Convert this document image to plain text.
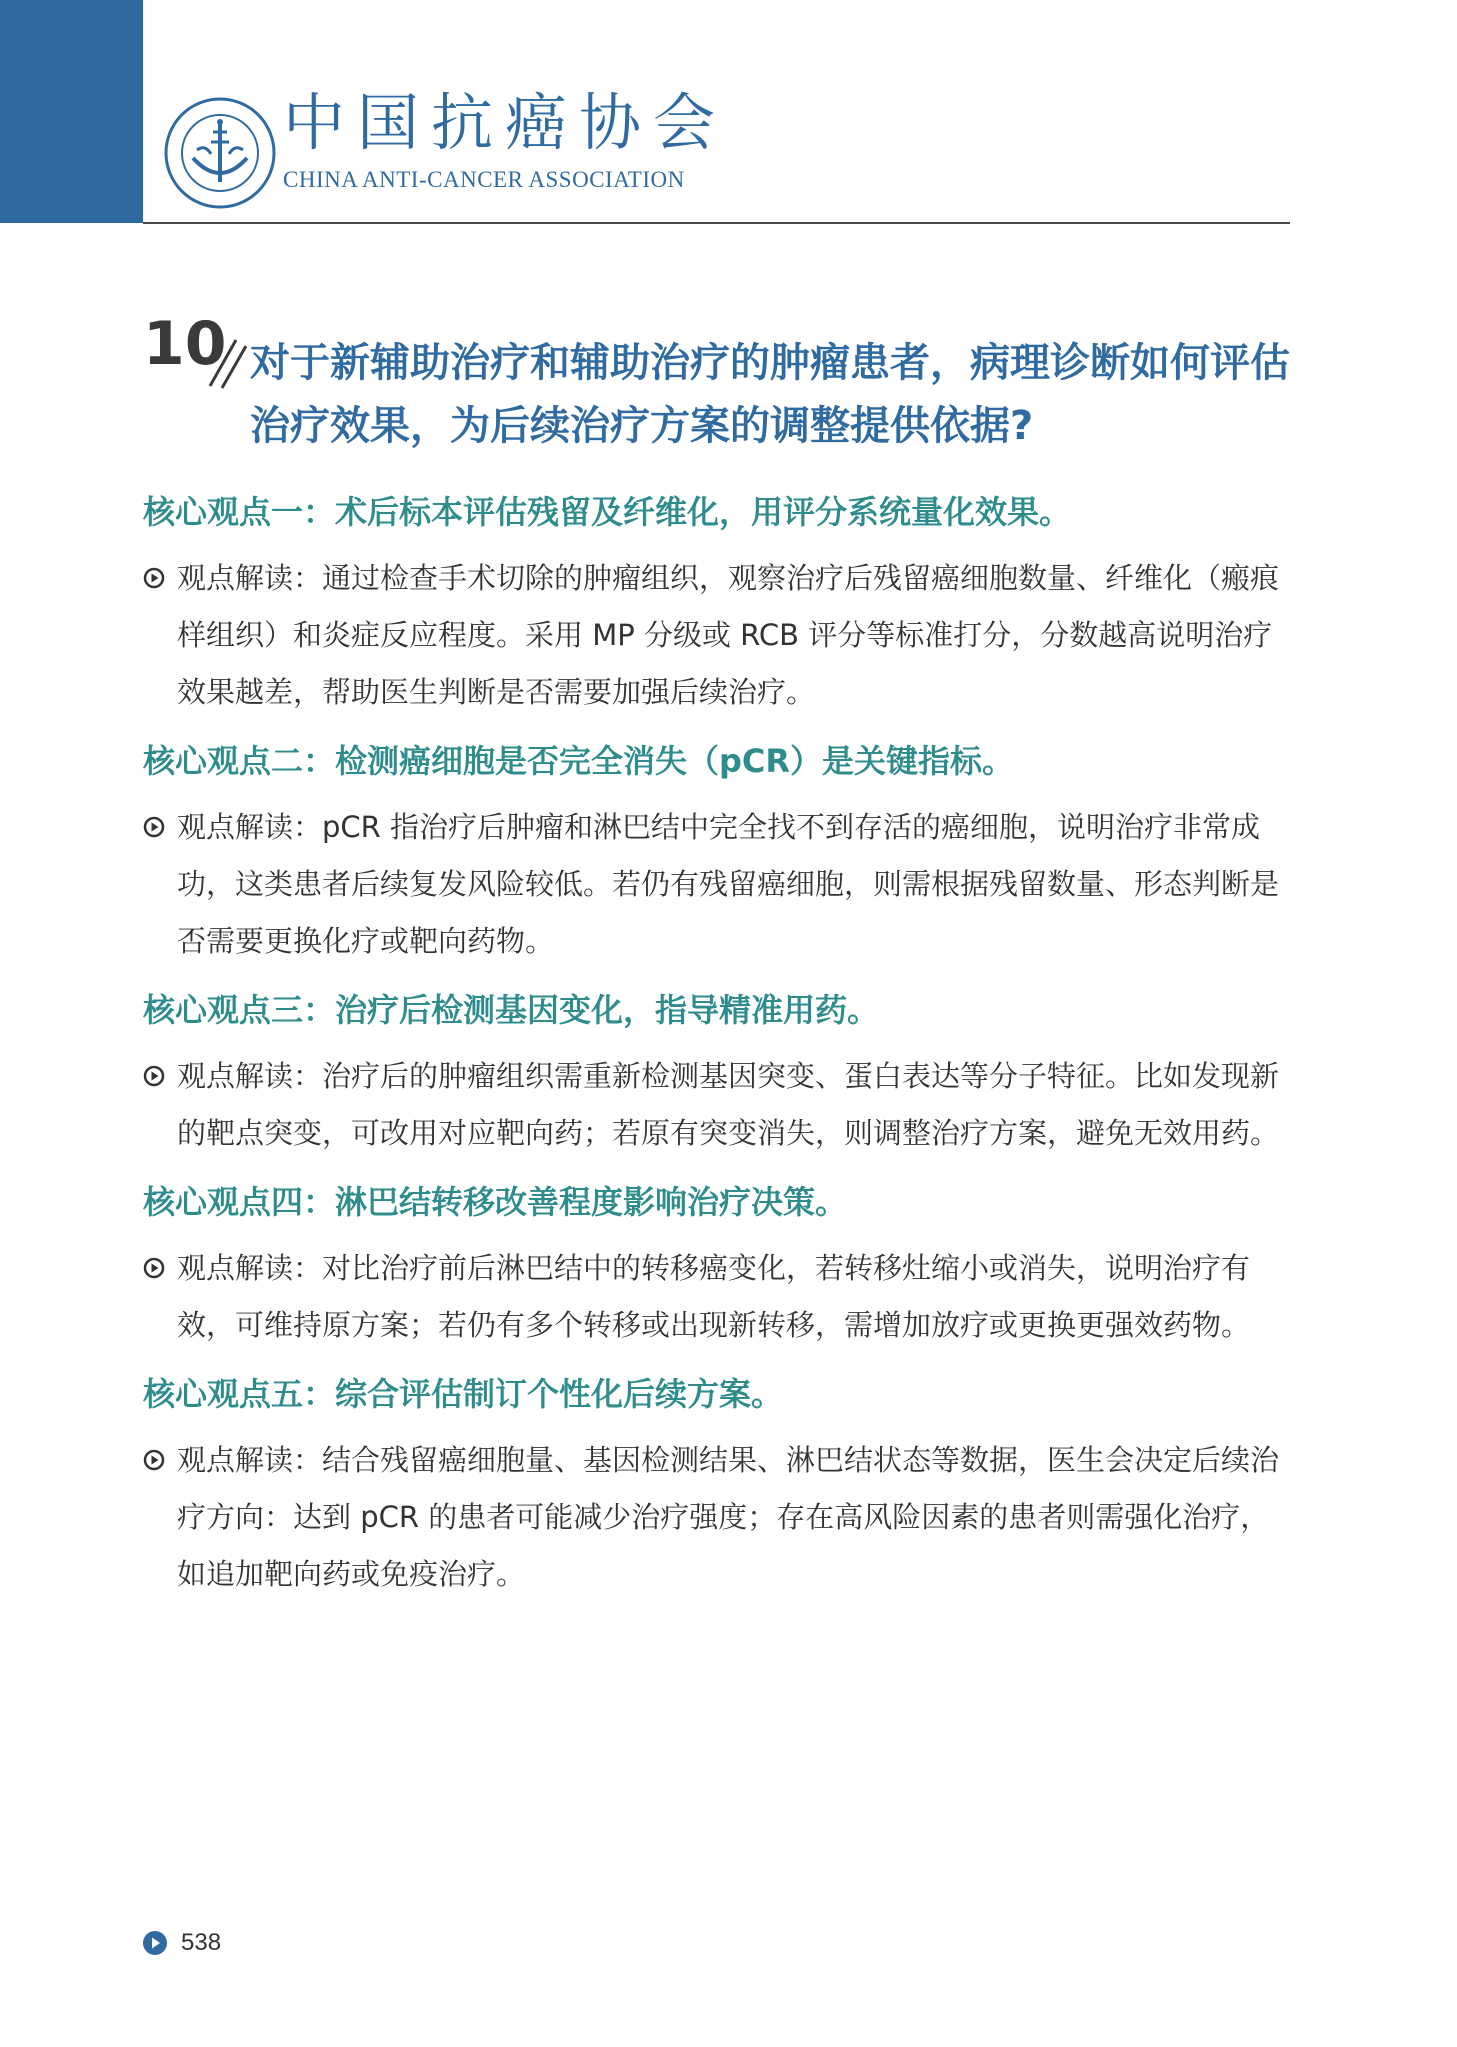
中国抗癌协会
CHINA ANTI-CANCER ASSOCIATION
10 对于新辅助治疗和辅助治疗的肿瘤患者，病理诊断如何评估治疗效果，为后续治疗方案的调整提供依据?
核心观点一：术后标本评估残留及纤维化，用评分系统量化效果。
观点解读：通过检查手术切除的肿瘤组织，观察治疗后残留癌细胞数量、纤维化（瘢痕样组织）和炎症反应程度。采用 MP 分级或 RCB 评分等标准打分，分数越高说明治疗效果越差，帮助医生判断是否需要加强后续治疗。
核心观点二：检测癌细胞是否完全消失（pCR）是关键指标。
观点解读：pCR 指治疗后肿瘤和淋巴结中完全找不到存活的癌细胞，说明治疗非常成功，这类患者后续复发风险较低。若仍有残留癌细胞，则需根据残留数量、形态判断是否需要更换化疗或靶向药物。
核心观点三：治疗后检测基因变化，指导精准用药。
观点解读：治疗后的肿瘤组织需重新检测基因突变、蛋白表达等分子特征。比如发现新的靶点突变，可改用对应靶向药；若原有突变消失，则调整治疗方案，避免无效用药。
核心观点四：淋巴结转移改善程度影响治疗决策。
观点解读：对比治疗前后淋巴结中的转移癌变化，若转移灶缩小或消失，说明治疗有效，可维持原方案；若仍有多个转移或出现新转移，需增加放疗或更换更强效药物。
核心观点五：综合评估制订个性化后续方案。
观点解读：结合残留癌细胞量、基因检测结果、淋巴结状态等数据，医生会决定后续治疗方向：达到 pCR 的患者可能减少治疗强度；存在高风险因素的患者则需强化治疗，如追加靶向药或免疫治疗。
538
